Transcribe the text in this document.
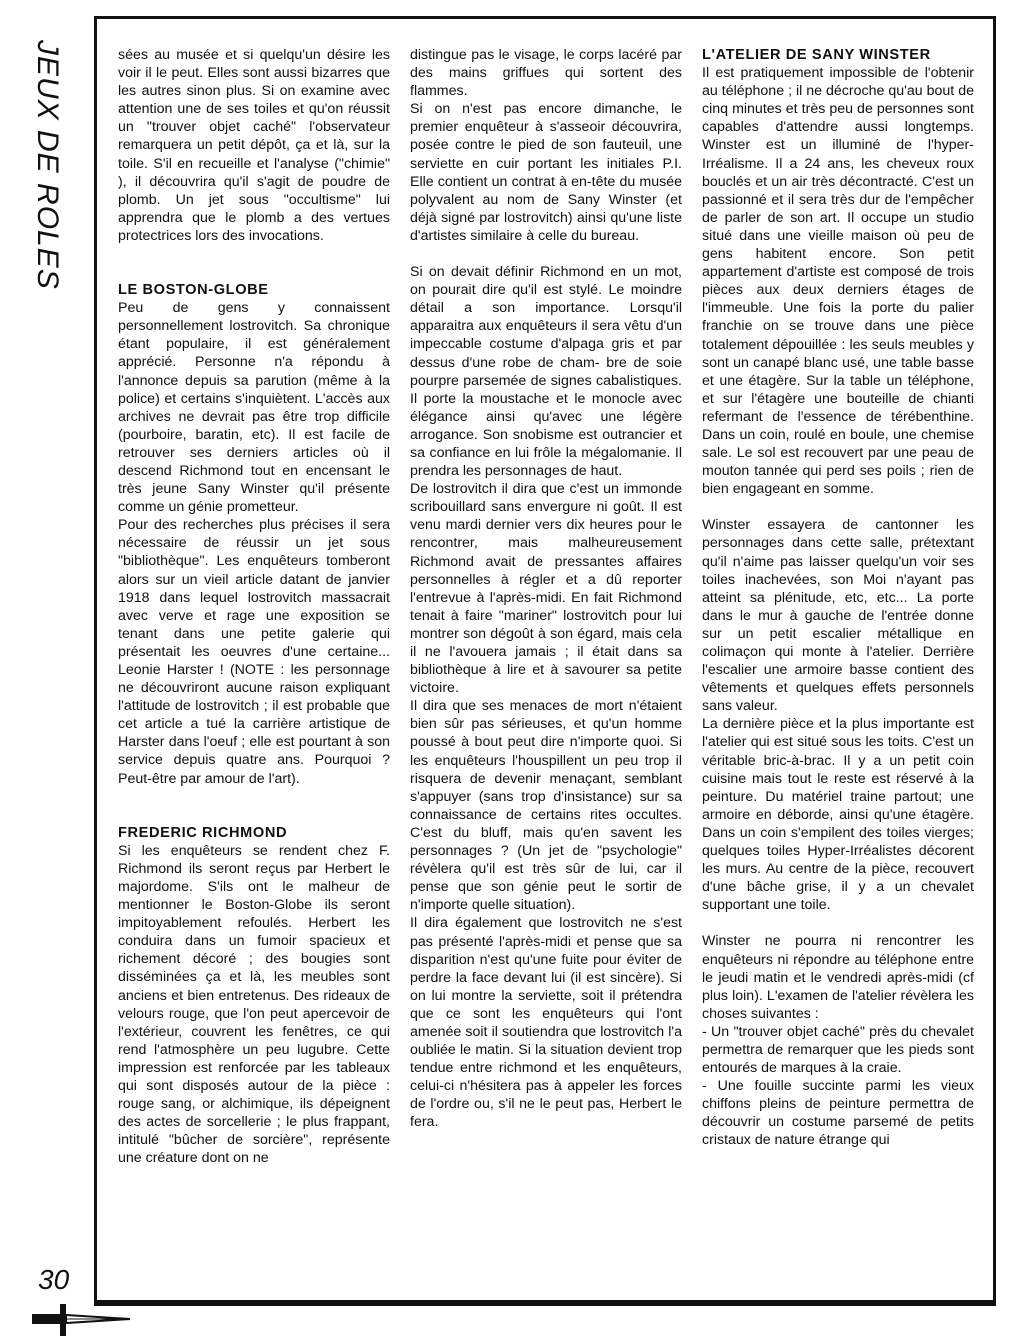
JEUX DE ROLES
30

sées au musée et si quelqu'un désire les voir il le peut. Elles sont aussi bizarres que les autres sinon plus. Si on examine avec attention une de ses toiles et qu'on réussit un "trouver objet caché" l'observateur remarquera un petit dépôt, ça et là, sur la toile. S'il en recueille et l'analyse ("chimie" ), il découvrira qu'il s'agit de poudre de plomb. Un jet sous "occultisme" lui apprendra que le plomb a des vertues protectrices lors des invocations.

LE BOSTON-GLOBE

Peu de gens y connaissent personnellement lostrovitch. Sa chronique étant populaire, il est généralement apprécié. Personne n'a répondu à l'annonce depuis sa parution (même à la police) et certains s'inquiètent. L'accès aux archives ne devrait pas être trop difficile (pourboire, baratin, etc). Il est facile de retrouver ses derniers articles où il descend Richmond tout en encensant le très jeune Sany Winster qu'il présente comme un génie prometteur.

Pour des recherches plus précises il sera nécessaire de réussir un jet sous "bibliothèque". Les enquêteurs tomberont alors sur un vieil article datant de janvier 1918 dans lequel lostrovitch massacrait avec verve et rage une exposition se tenant dans une petite galerie qui présentait les oeuvres d'une certaine... Leonie Harster ! (NOTE : les personnage ne découvriront aucune raison expliquant l'attitude de lostrovitch ; il est probable que cet article a tué la carrière artistique de Harster dans l'oeuf ; elle est pourtant à son service depuis quatre ans. Pourquoi ? Peut-être par amour de l'art).

FREDERIC RICHMOND

Si les enquêteurs se rendent chez F. Richmond ils seront reçus par Herbert le majordome. S'ils ont le malheur de mentionner le Boston-Globe ils seront impitoyablement refoulés. Herbert les conduira dans un fumoir spacieux et richement décoré ; des bougies sont disséminées ça et là, les meubles sont anciens et bien entretenus. Des rideaux de velours rouge, que l'on peut apercevoir de l'extérieur, couvrent les fenêtres, ce qui rend l'atmosphère un peu lugubre. Cette impression est renforcée par les tableaux qui sont disposés autour de la pièce : rouge sang, or alchimique, ils dépeignent des actes de sorcellerie ; le plus frappant, intitulé "bûcher de sorcière", représente une créature dont on ne

distingue pas le visage, le corps lacéré par des mains griffues qui sortent des flammes.

Si on n'est pas encore dimanche, le premier enquêteur à s'asseoir découvrira, posée contre le pied de son fauteuil, une serviette en cuir portant les initiales P.I. Elle contient un contrat à en-tête du musée polyvalent au nom de Sany Winster (et déjà signé par lostrovitch) ainsi qu'une liste d'artistes similaire à celle du bureau.

Si on devait définir Richmond en un mot, on pourait dire qu'il est stylé. Le moindre détail a son importance. Lorsqu'il apparaitra aux enquêteurs il sera vêtu d'un impeccable costume d'alpaga gris et par dessus d'une robe de cham- bre de soie pourpre parsemée de signes cabalistiques. Il porte la moustache et le monocle avec élégance ainsi qu'avec une légère arrogance. Son snobisme est outrancier et sa confiance en lui frôle la mégalomanie. Il prendra les personnages de haut.

De lostrovitch il dira que c'est un immonde scribouillard sans envergure ni goût. Il est venu mardi dernier vers dix heures pour le rencontrer, mais malheureusement Richmond avait de pressantes affaires personnelles à régler et a dû reporter l'entrevue à l'après-midi. En fait Richmond tenait à faire "mariner" lostrovitch pour lui montrer son dégoût à son égard, mais cela il ne l'avouera jamais ; il était dans sa bibliothèque à lire et à savourer sa petite victoire.

Il dira que ses menaces de mort n'étaient bien sûr pas sérieuses, et qu'un homme poussé à bout peut dire n'importe quoi. Si les enquêteurs l'houspillent un peu trop il risquera de devenir menaçant, semblant s'appuyer (sans trop d'insistance) sur sa connaissance de certains rites occultes. C'est du bluff, mais qu'en savent les personnages ? (Un jet de "psychologie" révèlera qu'il est très sûr de lui, car il pense que son génie peut le sortir de n'importe quelle situation).

Il dira également que lostrovitch ne s'est pas présenté l'après-midi et pense que sa disparition n'est qu'une fuite pour éviter de perdre la face devant lui (il est sincère). Si on lui montre la serviette, soit il prétendra que ce sont les enquêteurs qui l'ont amenée soit il soutiendra que lostrovitch l'a oubliée le matin. Si la situation devient trop tendue entre richmond et les enquêteurs, celui-ci n'hésitera pas à appeler les forces de l'ordre ou, s'il ne le peut pas, Herbert le fera.

L'ATELIER DE SANY WINSTER

Il est pratiquement impossible de l'obtenir au téléphone ; il ne décroche qu'au bout de cinq minutes et très peu de personnes sont capables d'attendre aussi longtemps. Winster est un illuminé de l'hyper-Irréalisme. Il a 24 ans, les cheveux roux bouclés et un air très décontracté. C'est un passionné et il sera très dur de l'empêcher de parler de son art. Il occupe un studio situé dans une vieille maison où peu de gens habitent encore. Son petit appartement d'artiste est composé de trois pièces aux deux derniers étages de l'immeuble. Une fois la porte du palier franchie on se trouve dans une pièce totalement dépouillée : les seuls meubles y sont un canapé blanc usé, une table basse et une étagère. Sur la table un téléphone, et sur l'étagère une bouteille de chianti refermant de l'essence de térébenthine. Dans un coin, roulé en boule, une chemise sale. Le sol est recouvert par une peau de mouton tannée qui perd ses poils ; rien de bien engageant en somme.

Winster essayera de cantonner les personnages dans cette salle, prétextant qu'il n'aime pas laisser quelqu'un voir ses toiles inachevées, son Moi n'ayant pas atteint sa plénitude, etc, etc... La porte dans le mur à gauche de l'entrée donne sur un petit escalier métallique en colimaçon qui monte à l'atelier. Derrière l'escalier une armoire basse contient des vêtements et quelques effets personnels sans valeur.

La dernière pièce et la plus importante est l'atelier qui est situé sous les toits. C'est un véritable bric-à-brac. Il y a un petit coin cuisine mais tout le reste est réservé à la peinture. Du matériel traine partout; une armoire en déborde, ainsi qu'une étagère. Dans un coin s'empilent des toiles vierges; quelques toiles Hyper-Irréalistes décorent les murs. Au centre de la pièce, recouvert d'une bâche grise, il y a un chevalet supportant une toile.

Winster ne pourra ni rencontrer les enquêteurs ni répondre au téléphone entre le jeudi matin et le vendredi après-midi (cf plus loin). L'examen de l'atelier révèlera les choses suivantes :

- Un "trouver objet caché" près du chevalet permettra de remarquer que les pieds sont entourés de marques à la craie.

- Une fouille succinte parmi les vieux chiffons pleins de peinture permettra de découvrir un costume parsemé de petits cristaux de nature étrange qui
